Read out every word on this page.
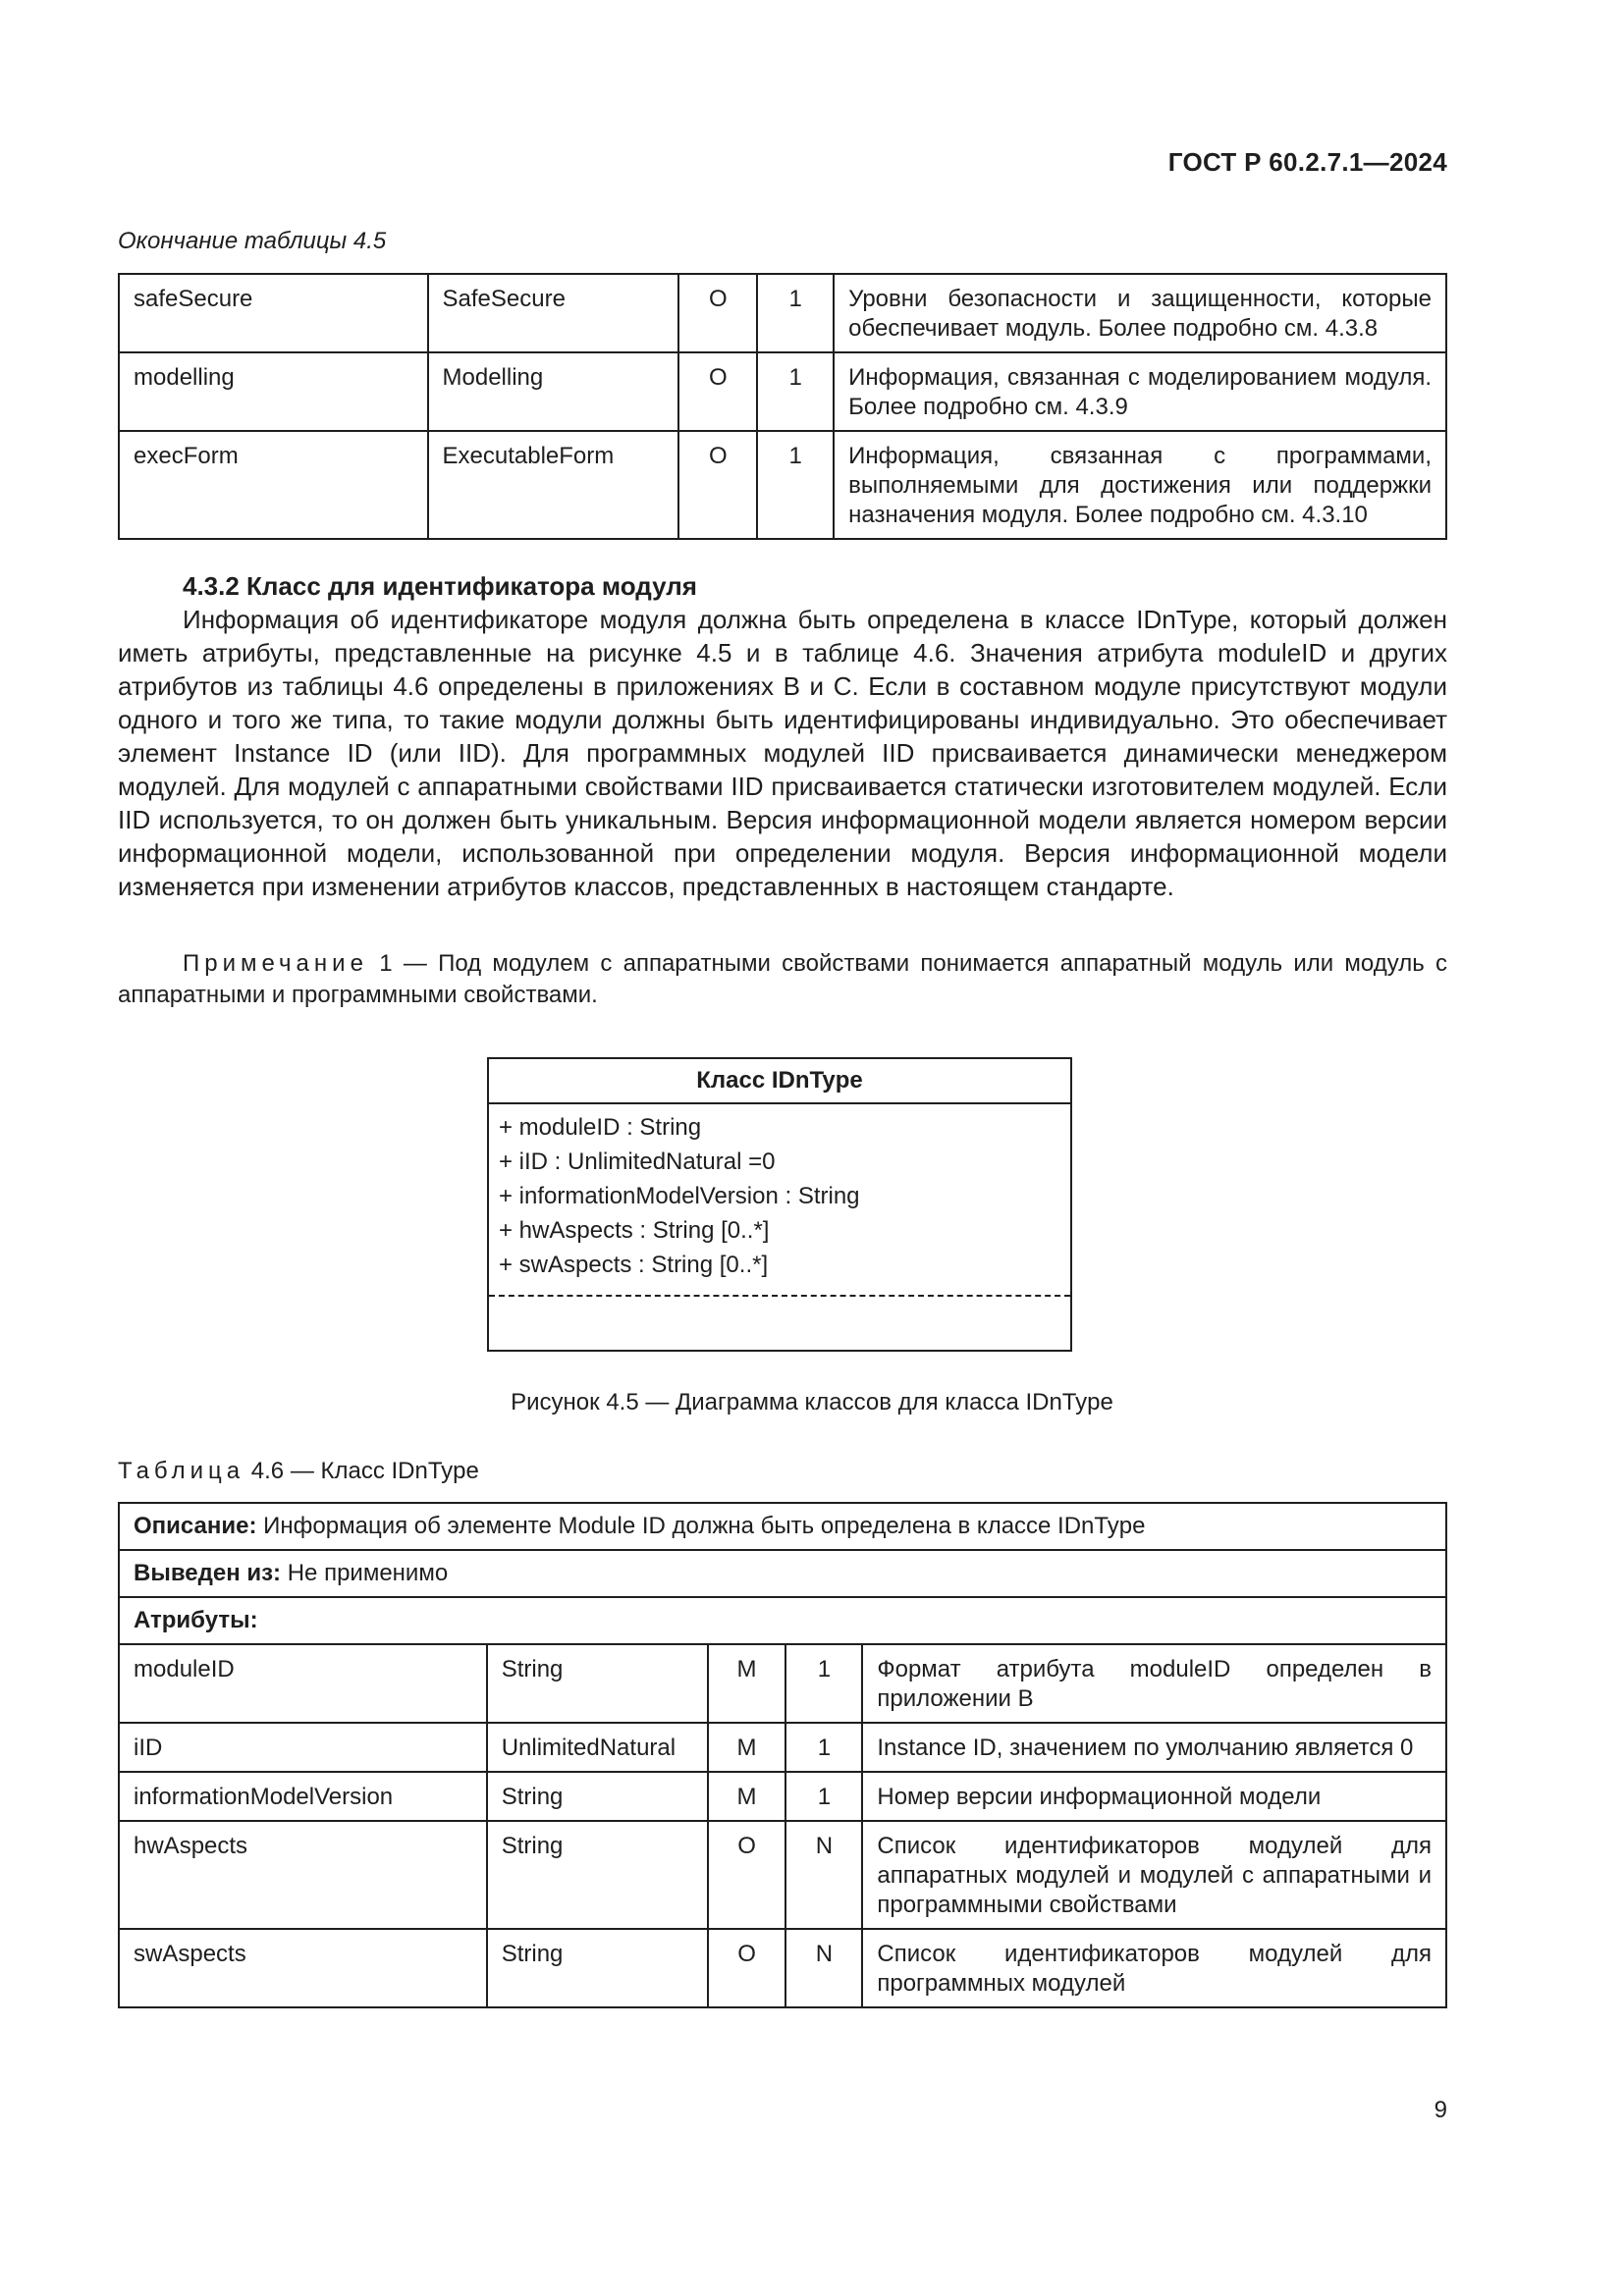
ГОСТ Р 60.2.7.1—2024
Окончание таблицы 4.5
safeSecure	SafeSecure	O	1	Уровни безопасности и защищенности, которые обеспечивает модуль. Более подробно см. 4.3.8
modelling	Modelling	O	1	Информация, связанная с моделированием модуля. Более подробно см. 4.3.9
execForm	ExecutableForm	O	1	Информация, связанная с программами, выполняемыми для достижения или поддержки назначения модуля. Более подробно см. 4.3.10
4.3.2 Класс для идентификатора модуля
Информация об идентификаторе модуля должна быть определена в классе IDnType, который должен иметь атрибуты, представленные на рисунке 4.5 и в таблице 4.6. Значения атрибута moduleID и других атрибутов из таблицы 4.6 определены в приложениях B и C. Если в составном модуле присутствуют модули одного и того же типа, то такие модули должны быть идентифицированы индивидуально. Это обеспечивает элемент Instance ID (или IID). Для программных модулей IID присваивается динамически менеджером модулей. Для модулей с аппаратными свойствами IID присваивается статически изготовителем модулей. Если IID используется, то он должен быть уникальным. Версия информационной модели является номером версии информационной модели, использованной при определении модуля. Версия информационной модели изменяется при изменении атрибутов классов, представленных в настоящем стандарте.
Примечание 1 — Под модулем с аппаратными свойствами понимается аппаратный модуль или модуль с аппаратными и программными свойствами.
Класс IDnType
+ moduleID : String
+ iID : UnlimitedNatural =0
+ informationModelVersion : String
+ hwAspects : String [0..*]
+ swAspects : String [0..*]
Рисунок 4.5 — Диаграмма классов для класса IDnType
Таблица 4.6 — Класс IDnType
Описание: Информация об элементе Module ID должна быть определена в классе IDnType				
Выведен из: Не применимо				
Атрибуты:				
moduleID	String	M	1	Формат атрибута moduleID определен в приложении B
iID	UnlimitedNatural	M	1	Instance ID, значением по умолчанию является 0
informationModelVersion	String	M	1	Номер версии информационной модели
hwAspects	String	O	N	Список идентификаторов модулей для аппаратных модулей и модулей с аппаратными и программными свойствами
swAspects	String	O	N	Список идентификаторов модулей для программных модулей
9
